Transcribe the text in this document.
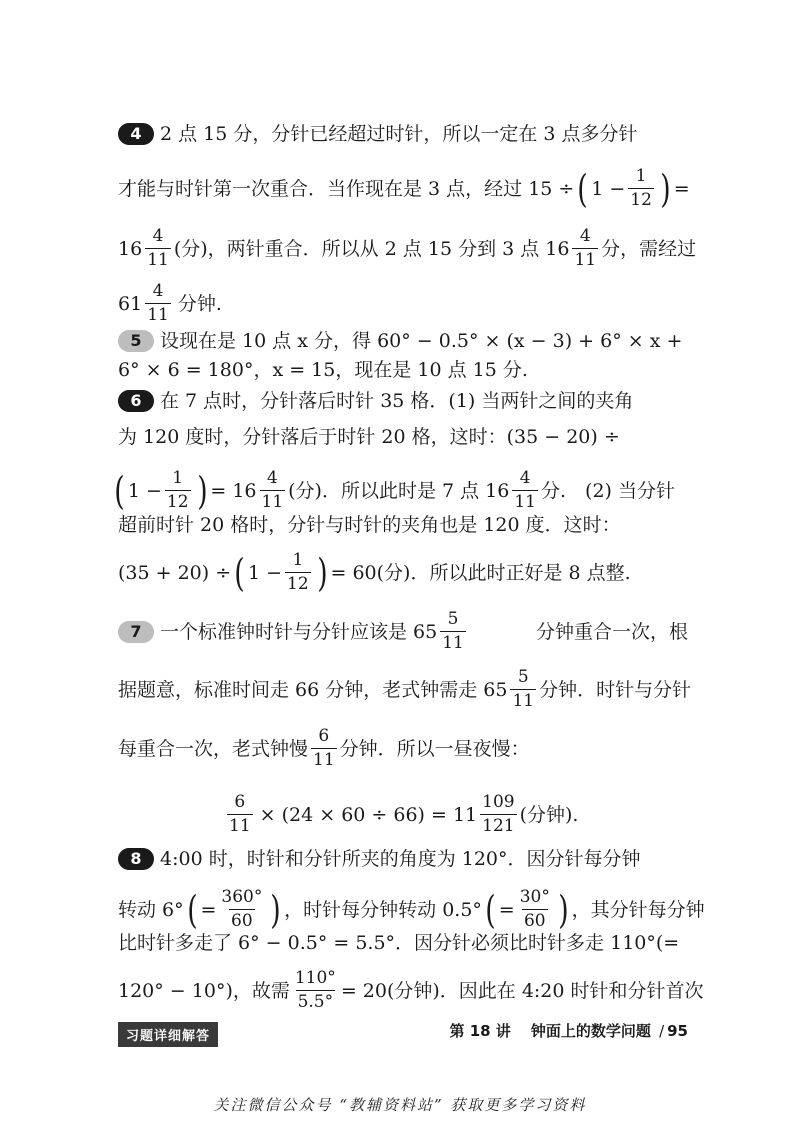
4 2 点 15 分，分针已经超过时针，所以一定在 3 点多分针
才能与时针第一次重合．当作现在是 3 点，经过 15 ÷ ( $1 - \frac{1}{12}$ ) =
$16 \frac{4}{11}$ (分)，两针重合．所以从 2 点 15 分到 3 点 $16 \frac{4}{11}$ 分，需经过
$61 \frac{4}{11}$ 分钟.
5 设现在是 10 点 x 分，得 60° − 0.5° × (x − 3) + 6° × x +
6° × 6 = 180°，x = 15，现在是 10 点 15 分.
6 在 7 点时，分针落后时针 35 格．(1) 当两针之间的夹角
为 120 度时，分针落后于时针 20 格，这时：(35 − 20) ÷
( $1 - \frac{1}{12}$ ) = $16 \frac{4}{11}$ (分)．所以此时是 7 点 $16 \frac{4}{11}$ 分.　(2) 当分针
超前时针 20 格时，分针与时针的夹角也是 120 度．这时：
(35 + 20) ÷ ( $1 - \frac{1}{12}$ ) = 60(分)．所以此时正好是 8 点整.
7 一个标准钟时针与分针应该是 $65 \frac{5}{11}$	分钟重合一次，根
据题意，标准时间走 66 分钟，老式钟需走 $65 \frac{5}{11}$ 分钟．时针与分针
每重合一次，老式钟慢 $\frac{6}{11}$ 分钟．所以一昼夜慢：
$\frac{6}{11} \times (24 \times 60 \div 66) = 11 \frac{109}{121}$ (分钟).
8 4:00 时，时针和分针所夹的角度为 120°．因分针每分钟
转动 6° ( = $\frac{360^\circ}{60}$ ) ，时针每分钟转动 0.5° ( = $\frac{30^\circ}{60}$ ) ，其分针每分钟
比时针多走了 6° − 0.5° = 5.5°．因分针必须比时针多走 110°(=
120° − 10°)，故需 $\frac{110^\circ}{5.5^\circ} = 20$(分钟)．因此在 4:20 时针和分针首次
习题详细解答	第 18 讲 钟面上的数学问题 / 95
关注微信公众号 “教辅资料站” 获取更多学习资料
